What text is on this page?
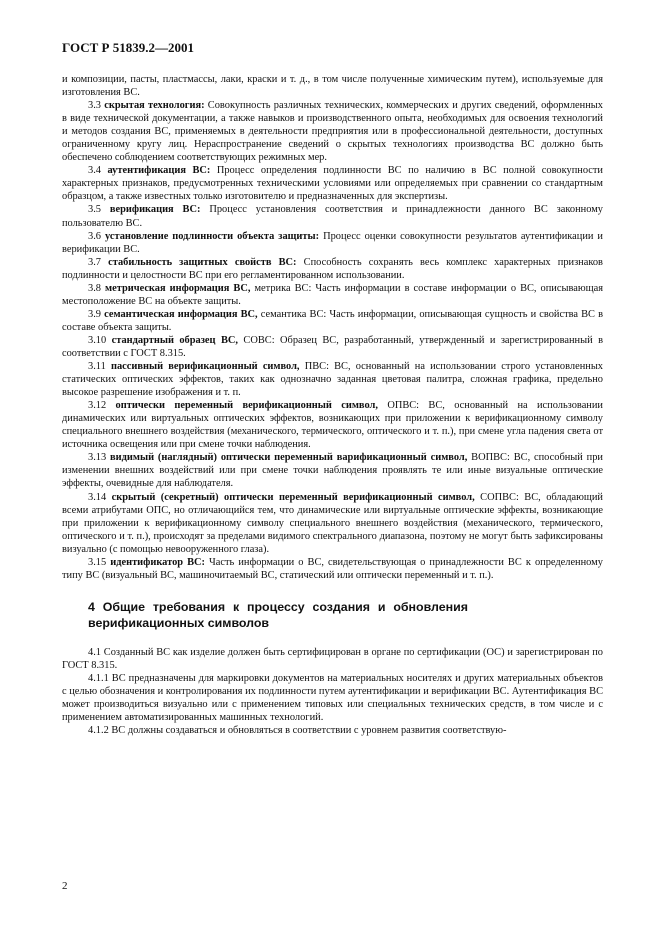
ГОСТ Р 51839.2—2001

и композиции, пасты, пластмассы, лаки, краски и т. д., в том числе полученные химическим путем), используемые для изготовления ВС.

3.3 скрытая технология: Совокупность различных технических, коммерческих и других сведений, оформленных в виде технической документации, а также навыков и производственного опыта, необходимых для освоения технологий и методов создания ВС, применяемых в деятельности предприятия или в профессиональной деятельности, доступных ограниченному кругу лиц. Нераспространение сведений о скрытых технологиях производства ВС должно быть обеспечено соблюдением соответствующих режимных мер.

3.4 аутентификация ВС: Процесс определения подлинности ВС по наличию в ВС полной совокупности характерных признаков, предусмотренных техническими условиями или определяемых при сравнении со стандартным образцом, а также известных только изготовителю и предназначенных для экспертизы.

3.5 верификация ВС: Процесс установления соответствия и принадлежности данного ВС законному пользователю ВС.

3.6 установление подлинности объекта защиты: Процесс оценки совокупности результатов аутентификации и верификации ВС.

3.7 стабильность защитных свойств ВС: Способность сохранять весь комплекс характерных признаков подлинности и целостности ВС при его регламентированном использовании.

3.8 метрическая информация ВС, метрика ВС: Часть информации в составе информации о ВС, описывающая местоположение ВС на объекте защиты.

3.9 семантическая информация ВС, семантика ВС: Часть информации, описывающая сущность и свойства ВС в составе объекта защиты.

3.10 стандартный образец ВС, СОВС: Образец ВС, разработанный, утвержденный и зарегистрированный в соответствии с ГОСТ 8.315.

3.11 пассивный верификационный символ, ПВС: ВС, основанный на использовании строго установленных статических оптических эффектов, таких как однозначно заданная цветовая палитра, сложная графика, предельно высокое разрешение изображения и т. п.

3.12 оптически переменный верификационный символ, ОПВС: ВС, основанный на использовании динамических или виртуальных оптических эффектов, возникающих при приложении к верификационному символу специального внешнего воздействия (механического, термического, оптического и т. п.), при смене угла падения света от источника освещения или при смене точки наблюдения.

3.13 видимый (наглядный) оптически переменный варификационный символ, ВОПВС: ВС, способный при изменении внешних воздействий или при смене точки наблюдения проявлять те или иные визуальные оптические эффекты, очевидные для наблюдателя.

3.14 скрытый (секретный) оптически переменный верификационный символ, СОПВС: ВС, обладающий всеми атрибутами ОПС, но отличающийся тем, что динамические или виртуальные оптические эффекты, возникающие при приложении к верификационному символу специального внешнего воздействия (механического, термического, оптического и т. п.), происходят за пределами видимого спектрального диапазона, поэтому не могут быть зафиксированы визуально (с помощью невооруженного глаза).

3.15 идентификатор ВС: Часть информации о ВС, свидетельствующая о принадлежности ВС к определенному типу ВС (визуальный ВС, машиночитаемый ВС, статический или оптически переменный и т. п.).

4 Общие требования к процессу создания и обновления верификационных символов

4.1 Созданный ВС как изделие должен быть сертифицирован в органе по сертификации (ОС) и зарегистрирован по ГОСТ 8.315.

4.1.1 ВС предназначены для маркировки документов на материальных носителях и других материальных объектов с целью обозначения и контролирования их подлинности путем аутентификации и верификации ВС. Аутентификация ВС может производиться визуально или с применением типовых или специальных технических средств, в том числе и с применением автоматизированных машинных технологий.

4.1.2 ВС должны создаваться и обновляться в соответствии с уровнем развития соответствую-

2
